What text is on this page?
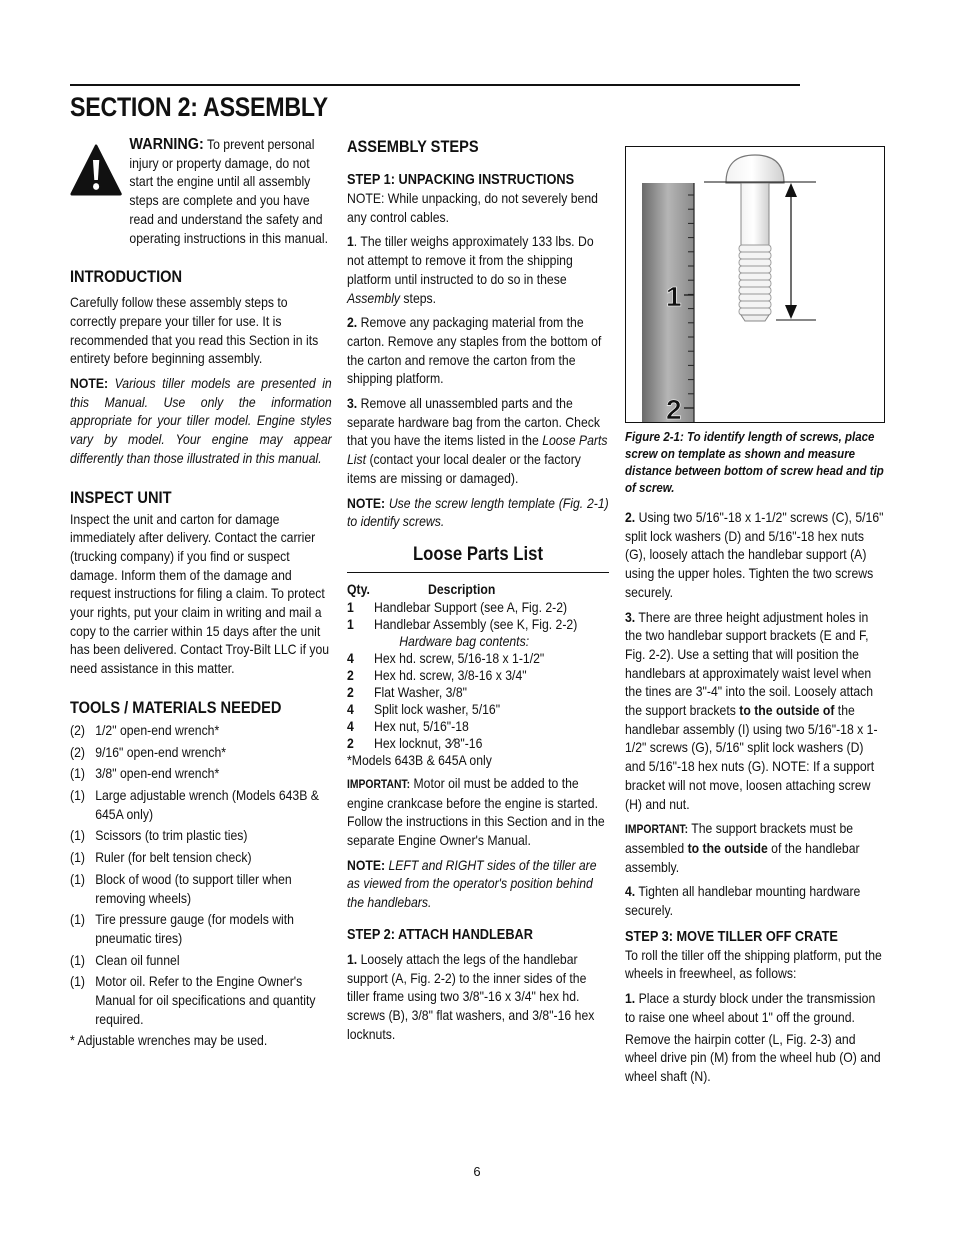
SECTION 2: ASSEMBLY
WARNING: To prevent personal injury or property damage, do not start the engine until all assembly steps are complete and you have read and understand the safety and operating instructions in this manual.
INTRODUCTION

Carefully follow these assembly steps to correctly prepare your tiller for use. It is recommended that you read this Section in its entirety before beginning assembly.

NOTE: Various tiller models are presented in this Manual. Use only the information appropriate for your tiller model. Engine styles vary by model. Your engine may appear differently than those illustrated in this manual.

INSPECT UNIT

Inspect the unit and carton for damage immediately after delivery. Contact the carrier (trucking company) if you find or suspect damage. Inform them of the damage and request instructions for filing a claim. To protect your rights, put your claim in writing and mail a copy to the carrier within 15 days after the unit has been delivered. Contact Troy-Bilt LLC if you need assistance in this matter.

TOOLS / MATERIALS NEEDED
(2) 1/2" open-end wrench*
(2) 9/16" open-end wrench*
(1) 3/8" open-end wrench*
(1) Large adjustable wrench (Models 643B & 645A only)
(1) Scissors (to trim plastic ties)
(1) Ruler (for belt tension check)
(1) Block of wood (to support tiller when removing wheels)
(1) Tire pressure gauge (for models with pneumatic tires)
(1) Clean oil funnel
(1) Motor oil. Refer to the Engine Owner's Manual for oil specifications and quantity required.

* Adjustable wrenches may be used.

ASSEMBLY STEPS
STEP 1: UNPACKING INSTRUCTIONS

NOTE: While unpacking, do not severely bend any control cables.

1. The tiller weighs approximately 133 lbs. Do not attempt to remove it from the shipping platform until instructed to do so in these Assembly steps.

2. Remove any packaging material from the carton. Remove any staples from the bottom of the carton and remove the carton from the shipping platform.

3. Remove all unassembled parts and the separate hardware bag from the carton. Check that you have the items listed in the Loose Parts List (contact your local dealer or the factory items are missing or damaged).

NOTE: Use the screw length template (Fig. 2-1) to identify screws.

Loose Parts List
Qty.	Description
1	Handlebar Support (see A, Fig. 2-2)
1	Handlebar Assembly (see K, Fig. 2-2)
Hardware bag contents:
4	Hex hd. screw, 5/16-18 x 1-1/2"
2	Hex hd. screw, 3/8-16 x 3/4"
2	Flat Washer, 3/8"
4	Split lock washer, 5/16"
4	Hex nut, 5/16"-18
2	Hex locknut, 3⁄8"-16
*Models 643B & 645A only

IMPORTANT: Motor oil must be added to the engine crankcase before the engine is started. Follow the instructions in this Section and in the separate Engine Owner's Manual.

NOTE: LEFT and RIGHT sides of the tiller are as viewed from the operator's position behind the handlebars.

STEP 2: ATTACH HANDLEBAR

1. Loosely attach the legs of the handlebar support (A, Fig. 2-2) to the inner sides of the tiller frame using two 3/8"-16 x 3/4" hex hd. screws (B), 3/8" flat washers, and 3/8"-16 hex locknuts.

1
2
Figure 2-1: To identify length of screws, place screw on template as shown and measure distance between bottom of screw head and tip of screw.

2. Using two 5/16"-18 x 1-1/2" screws (C), 5/16" split lock washers (D) and 5/16"-18 hex nuts (G), loosely attach the handlebar support (A) using the upper holes. Tighten the two screws securely.

3. There are three height adjustment holes in the two handlebar support brackets (E and F, Fig. 2-2). Use a setting that will position the handlebars at approximately waist level when the tines are 3"-4" into the soil. Loosely attach the support brackets to the outside of the handlebar assembly (I) using two 5/16"-18 x 1-1/2" screws (G), 5/16" split lock washers (D) and 5/16"-18 hex nuts (G). NOTE: If a support bracket will not move, loosen attaching screw (H) and nut.

IMPORTANT: The support brackets must be assembled to the outside of the handlebar assembly.

4. Tighten all handlebar mounting hardware securely.

STEP 3: MOVE TILLER OFF CRATE

To roll the tiller off the shipping platform, put the wheels in freewheel, as follows:

1. Place a sturdy block under the transmission to raise one wheel about 1" off the ground.

Remove the hairpin cotter (L, Fig. 2-3) and wheel drive pin (M) from the wheel hub (O) and wheel shaft (N).

6
